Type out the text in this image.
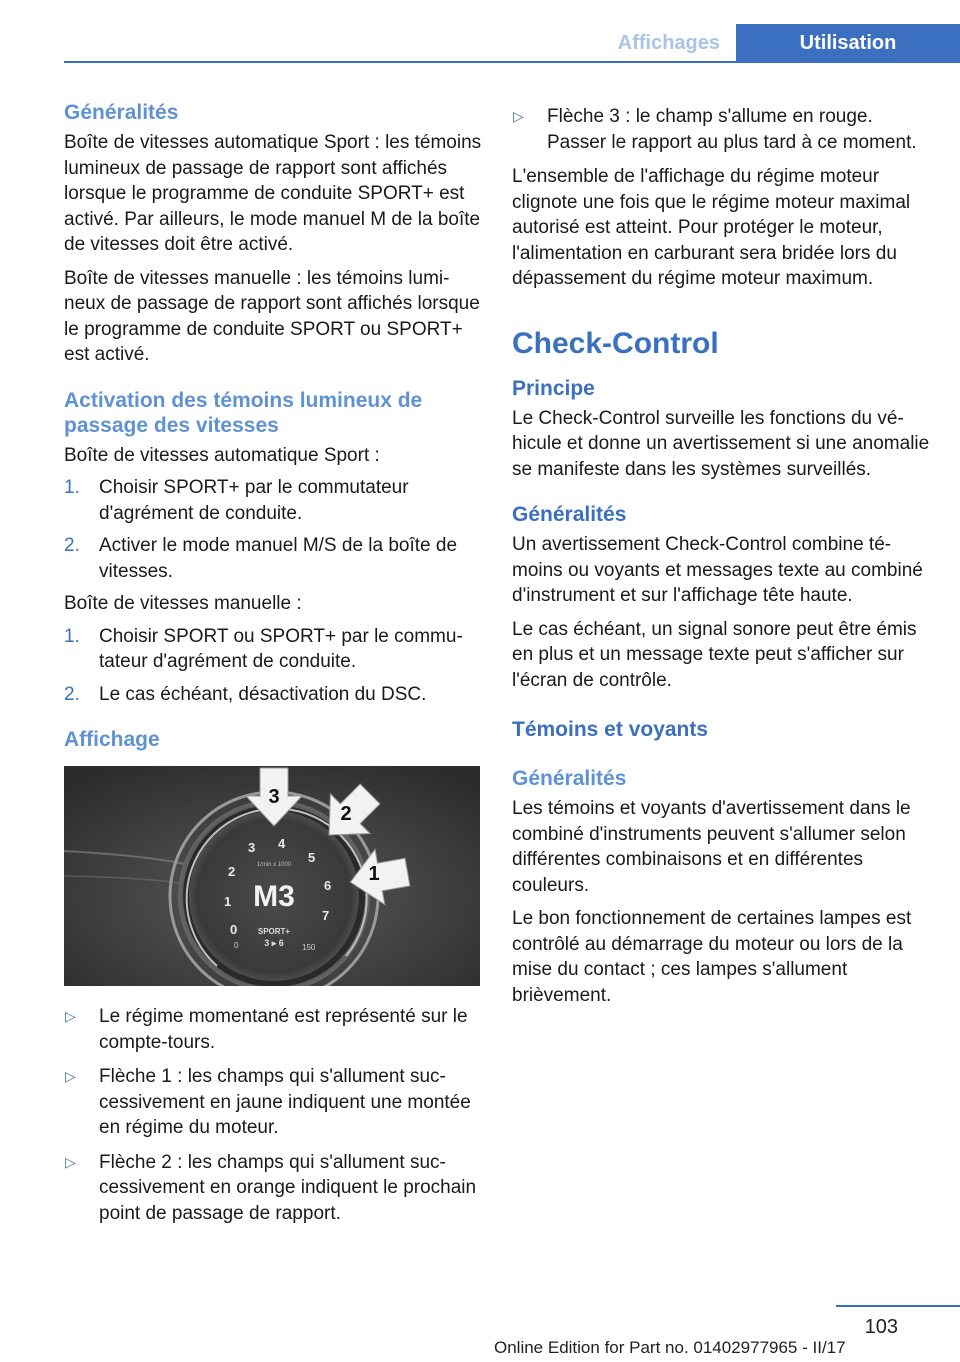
Affichages	Utilisation
Généralités

Boîte de vitesses automatique Sport : les témoins lumineux de passage de rapport sont affichés lorsque le programme de conduite SPORT+ est activé. Par ailleurs, le mode manuel M de la boîte de vitesses doit être activé.

Boîte de vitesses manuelle : les témoins lumineux de passage de rapport sont affichés lorsque le programme de conduite SPORT ou SPORT+ est activé.

Activation des témoins lumineux de passage des vitesses

Boîte de vitesses automatique Sport :

1. Choisir SPORT+ par le commutateur d'agrément de conduite.
2. Activer le mode manuel M/S de la boîte de vitesses.

Boîte de vitesses manuelle :

1. Choisir SPORT ou SPORT+ par le commutateur d'agrément de conduite.
2. Le cas échéant, désactivation du DSC.
Affichage
0
1
2
3 4
5
6
7
1/min x 1000
M3
SPORT+
3 ▸ 6
0	150
3
2
1
▷ Le régime momentané est représenté sur le compte-tours.
▷ Flèche 1 : les champs qui s'allument successivement en jaune indiquent une montée en régime du moteur.
▷ Flèche 2 : les champs qui s'allument successivement en orange indiquent le prochain point de passage de rapport.
▷ Flèche 3 : le champ s'allume en rouge. Passer le rapport au plus tard à ce moment.

L'ensemble de l'affichage du régime moteur clignote une fois que le régime moteur maximal autorisé est atteint. Pour protéger le moteur, l'alimentation en carburant sera bridée lors du dépassement du régime moteur maximum.

Check-Control
Principe

Le Check-Control surveille les fonctions du véhicule et donne un avertissement si une anomalie se manifeste dans les systèmes surveillés.

Généralités

Un avertissement Check-Control combine témoins ou voyants et messages texte au combiné d'instrument et sur l'affichage tête haute.

Le cas échéant, un signal sonore peut être émis en plus et un message texte peut s'afficher sur l'écran de contrôle.

Témoins et voyants
Généralités

Les témoins et voyants d'avertissement dans le combiné d'instruments peuvent s'allumer selon différentes combinaisons et en différentes couleurs.

Le bon fonctionnement de certaines lampes est contrôlé au démarrage du moteur ou lors de la mise du contact ; ces lampes s'allument brièvement.

103
Online Edition for Part no. 01402977965 - II/17
